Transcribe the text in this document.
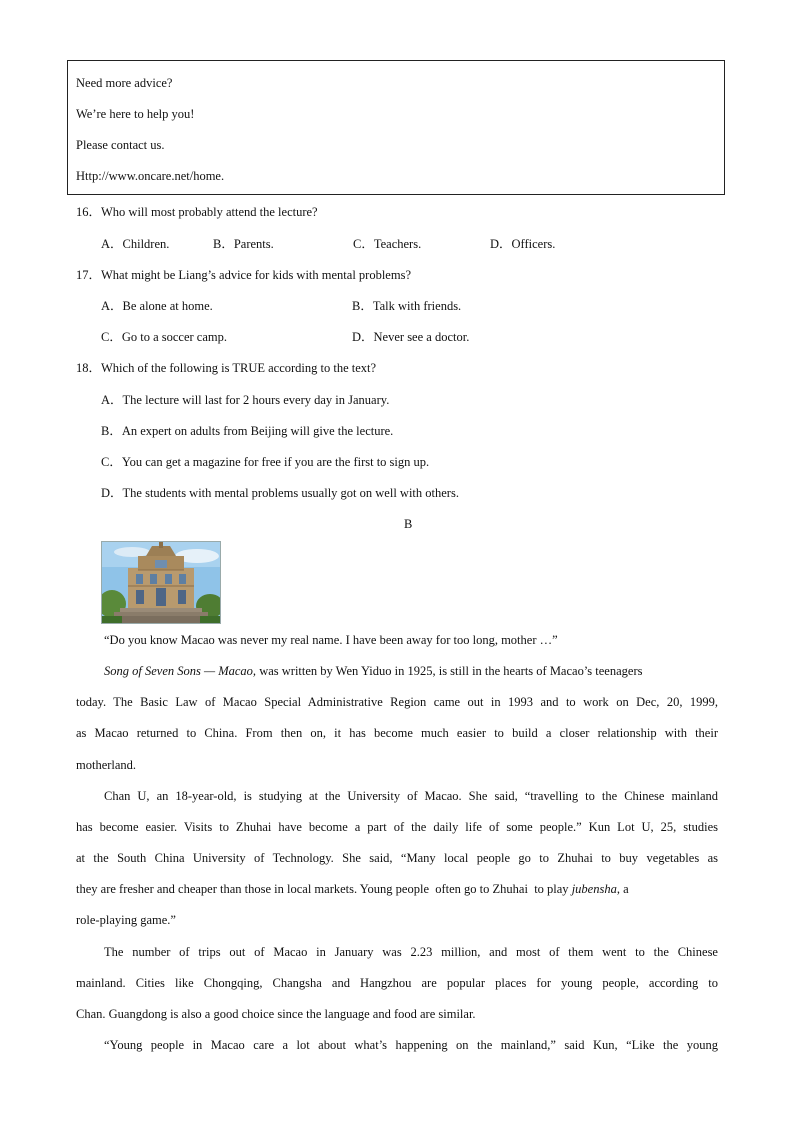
Need more advice?
We’re here to help you!
Please contact us.
Http://www.oncare.net/home.
16．Who will most probably attend the lecture?
A．Children.	B．Parents.	C．Teachers.	D．Officers.
17．What might be Liang’s advice for kids with mental problems?
A．Be alone at home.	B．Talk with friends.
C．Go to a soccer camp.	D．Never see a doctor.
18．Which of the following is TRUE according to the text?
A．The lecture will last for 2 hours every day in January.
B．An expert on adults from Beijing will give the lecture.
C．You can get a magazine for free if you are the first to sign up.
D．The students with mental problems usually got on well with others.
B
“Do you know Macao was never my real name. I have been away for too long, mother …”
Song of Seven Sons — Macao, was written by Wen Yiduo in 1925, is still in the hearts of Macao’s teenagers
today. The Basic Law of Macao Special Administrative Region came out in 1993 and to work on Dec, 20, 1999,
as Macao returned to China. From then on, it has become much easier to build a closer relationship with their
motherland.
Chan U, an 18-year-old, is studying at the University of Macao. She said, “travelling to the Chinese mainland
has become easier. Visits to Zhuhai have become a part of the daily life of some people.” Kun Lot U, 25, studies
at the South China University of Technology. She said, “Many local people go to Zhuhai to buy vegetables as
they are fresher and cheaper than those in local markets. Young people  often go to Zhuhai  to play jubensha, a
role-playing game.”
The number of trips out of Macao in January was 2.23 million, and most of them went to the Chinese
mainland. Cities like Chongqing, Changsha and Hangzhou are popular places for young people, according to
Chan. Guangdong is also a good choice since the language and food are similar.
“Young people in Macao care a lot about what’s happening on the mainland,” said Kun, “Like the young
